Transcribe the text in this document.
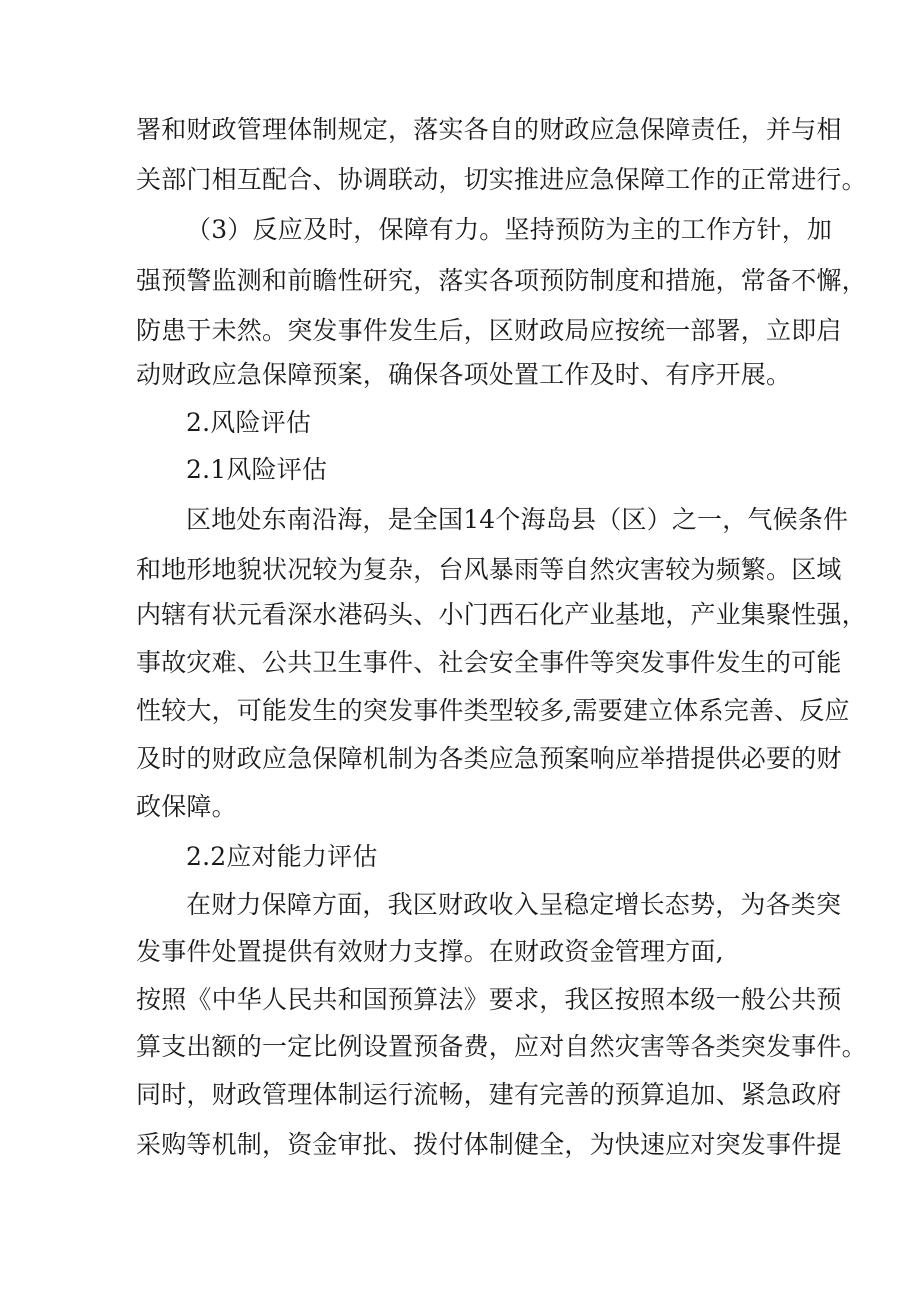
署和财政管理体制规定，落实各自的财政应急保障责任，并与相
关部门相互配合、协调联动，切实推进应急保障工作的正常进行。
（3）反应及时，保障有力。坚持预防为主的工作方针，加
强预警监测和前瞻性研究，落实各项预防制度和措施，常备不懈，
防患于未然。突发事件发生后，区财政局应按统一部署，立即启
动财政应急保障预案，确保各项处置工作及时、有序开展。
2.风险评估
2.1风险评估
区地处东南沿海，是全国14个海岛县（区）之一，气候条件
和地形地貌状况较为复杂，台风暴雨等自然灾害较为频繁。区域
内辖有状元看深水港码头、小门西石化产业基地，产业集聚性强，
事故灾难、公共卫生事件、社会安全事件等突发事件发生的可能
性较大，可能发生的突发事件类型较多,需要建立体系完善、反应
及时的财政应急保障机制为各类应急预案响应举措提供必要的财
政保障。
2.2应对能力评估
在财力保障方面，我区财政收入呈稳定增长态势，为各类突
发事件处置提供有效财力支撑。在财政资金管理方面,
按照《中华人民共和国预算法》要求，我区按照本级一般公共预
算支出额的一定比例设置预备费，应对自然灾害等各类突发事件。
同时，财政管理体制运行流畅，建有完善的预算追加、紧急政府
采购等机制，资金审批、拨付体制健全，为快速应对突发事件提
